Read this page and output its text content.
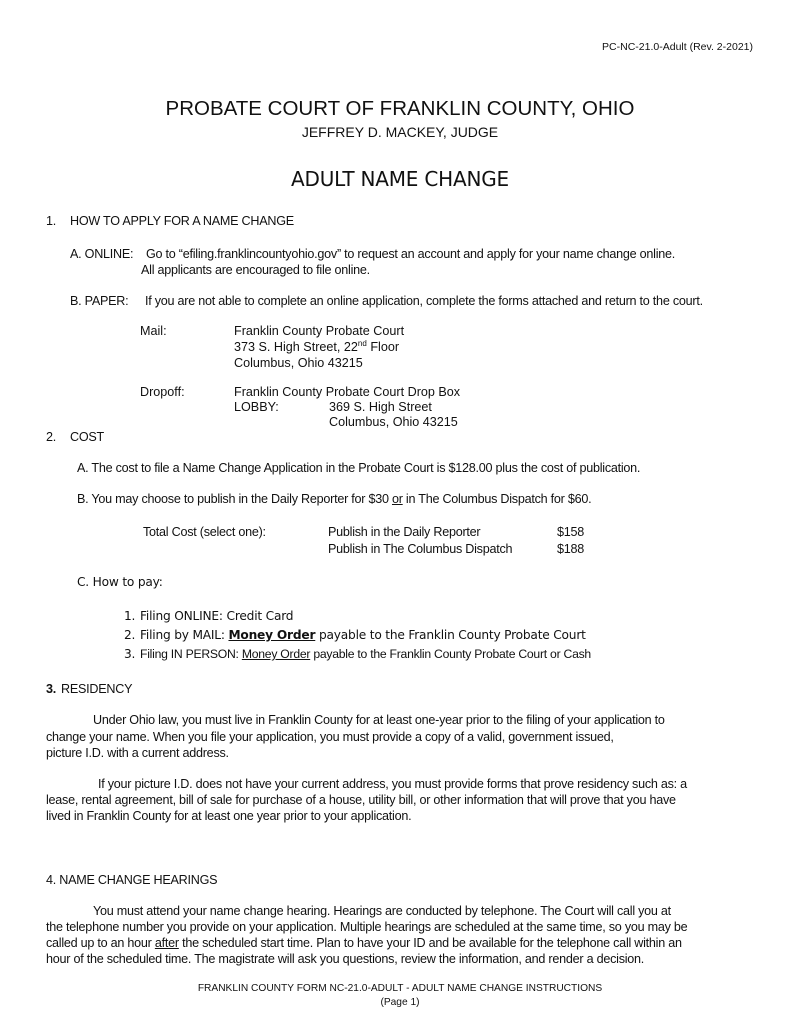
PC-NC-21.0-Adult (Rev. 2-2021)
PROBATE COURT OF FRANKLIN COUNTY, OHIO
JEFFREY D. MACKEY, JUDGE
ADULT NAME CHANGE
1. HOW TO APPLY FOR A NAME CHANGE
A. ONLINE: Go to “efiling.franklincountyohio.gov” to request an account and apply for your name change online.
All applicants are encouraged to file online.
B. PAPER: If you are not able to complete an online application, complete the forms attached and return to the court.
Mail:	Franklin County Probate Court
373 S. High Street, 22nd Floor
Columbus, Ohio 43215
Dropoff:	Franklin County Probate Court Drop Box
LOBBY:	369 S. High Street
Columbus, Ohio 43215
2. COST
A. The cost to file a Name Change Application in the Probate Court is $128.00 plus the cost of publication.
B. You may choose to publish in the Daily Reporter for $30 or in The Columbus Dispatch for $60.
Total Cost (select one):	Publish in the Daily Reporter	$158
Publish in The Columbus Dispatch	$188
C. How to pay:
1. Filing ONLINE: Credit Card
2. Filing by MAIL: Money Order payable to the Franklin County Probate Court
3. Filing IN PERSON: Money Order payable to the Franklin County Probate Court or Cash
3. RESIDENCY
Under Ohio law, you must live in Franklin County for at least one-year prior to the filing of your application to
change your name. When you file your application, you must provide a copy of a valid, government issued,
picture I.D. with a current address.
If your picture I.D. does not have your current address, you must provide forms that prove residency such as: a
lease, rental agreement, bill of sale for purchase of a house, utility bill, or other information that will prove that you have
lived in Franklin County for at least one year prior to your application.
4. NAME CHANGE HEARINGS
You must attend your name change hearing. Hearings are conducted by telephone. The Court will call you at
the telephone number you provide on your application. Multiple hearings are scheduled at the same time, so you may be
called up to an hour after the scheduled start time. Plan to have your ID and be available for the telephone call within an
hour of the scheduled time. The magistrate will ask you questions, review the information, and render a decision.
FRANKLIN COUNTY FORM NC-21.0-ADULT - ADULT NAME CHANGE INSTRUCTIONS
(Page 1)
